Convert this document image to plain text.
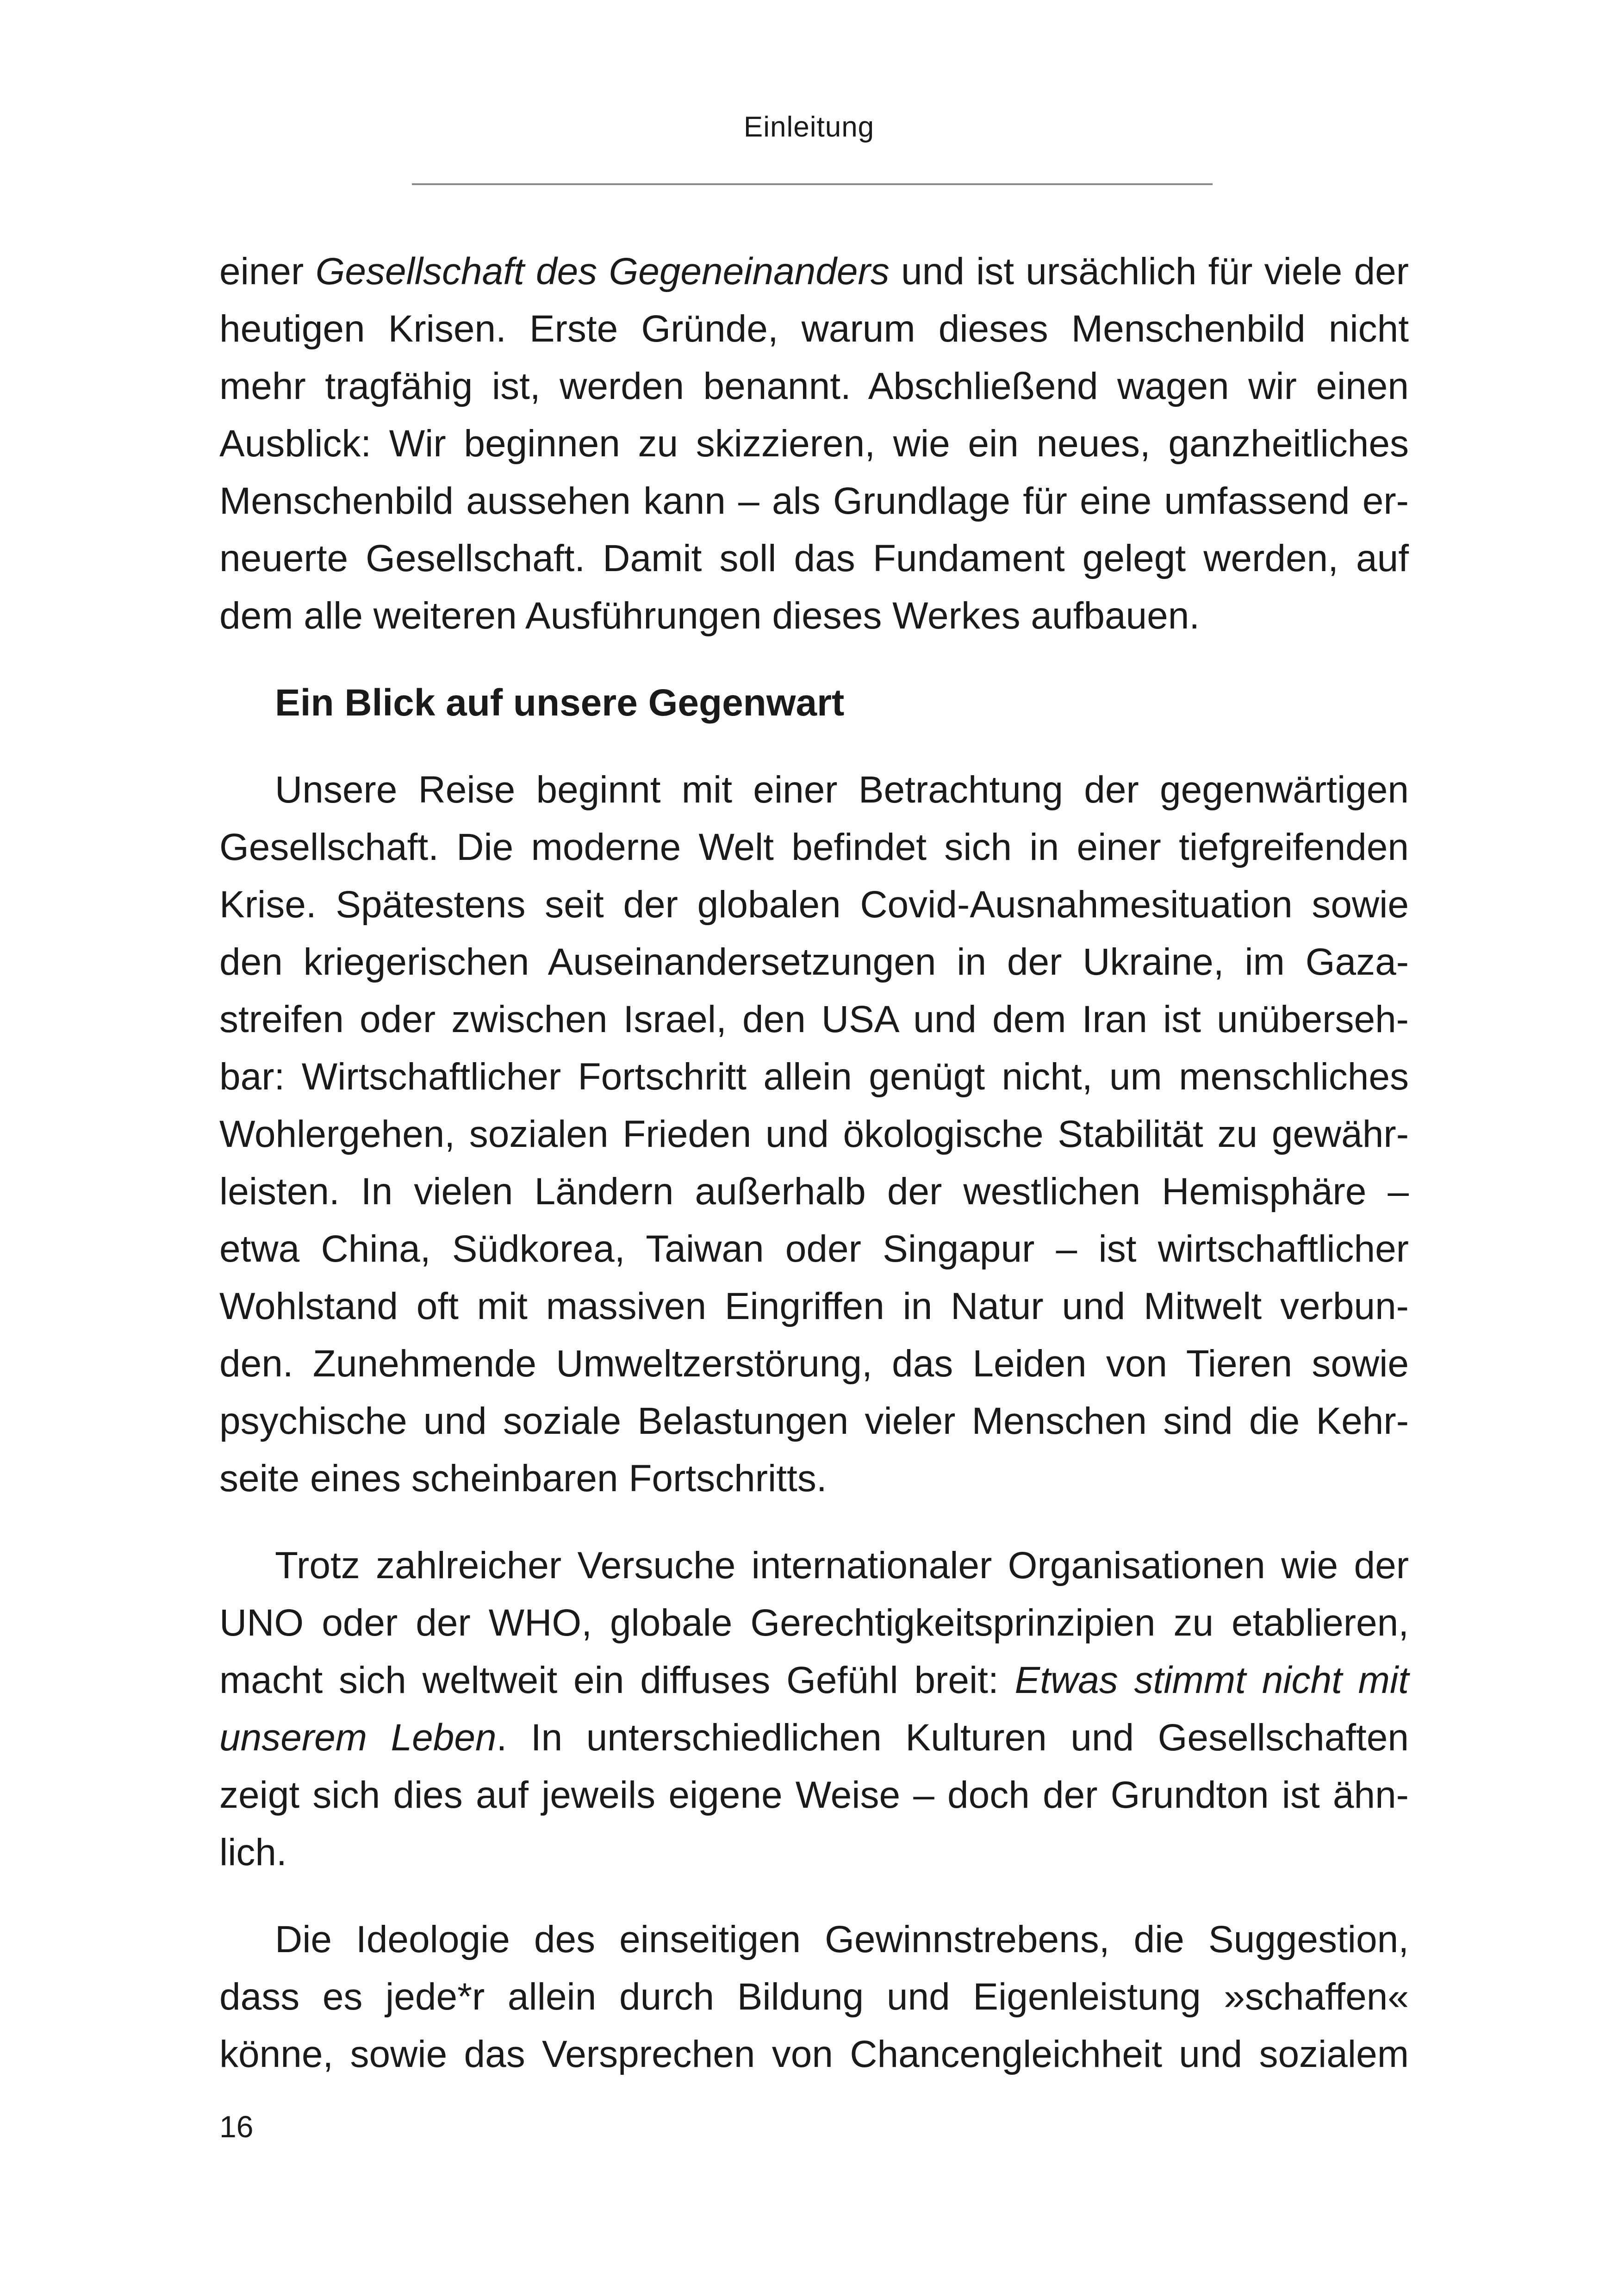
Einleitung
einer Gesellschaft des Gegeneinanders und ist ursächlich für viele der
heutigen Krisen. Erste Gründe, warum dieses Menschenbild nicht
mehr tragfähig ist, werden benannt. Abschließend wagen wir einen
Ausblick: Wir beginnen zu skizzieren, wie ein neues, ganzheitliches
Menschenbild aussehen kann – als Grundlage für eine umfassend er-
neuerte Gesellschaft. Damit soll das Fundament gelegt werden, auf
dem alle weiteren Ausführungen dieses Werkes aufbauen.
Ein Blick auf unsere Gegenwart
Unsere Reise beginnt mit einer Betrachtung der gegenwärtigen
Gesellschaft. Die moderne Welt befindet sich in einer tiefgreifenden
Krise. Spätestens seit der globalen Covid-Ausnahmesituation sowie
den kriegerischen Auseinandersetzungen in der Ukraine, im Gaza-
streifen oder zwischen Israel, den USA und dem Iran ist unüberseh-
bar: Wirtschaftlicher Fortschritt allein genügt nicht, um menschliches
Wohlergehen, sozialen Frieden und ökologische Stabilität zu gewähr-
leisten. In vielen Ländern außerhalb der westlichen Hemisphäre –
etwa China, Südkorea, Taiwan oder Singapur – ist wirtschaftlicher
Wohlstand oft mit massiven Eingriffen in Natur und Mitwelt verbun-
den. Zunehmende Umweltzerstörung, das Leiden von Tieren sowie
psychische und soziale Belastungen vieler Menschen sind die Kehr-
seite eines scheinbaren Fortschritts.
Trotz zahlreicher Versuche internationaler Organisationen wie der
UNO oder der WHO, globale Gerechtigkeitsprinzipien zu etablieren,
macht sich weltweit ein diffuses Gefühl breit: Etwas stimmt nicht mit
unserem Leben. In unterschiedlichen Kulturen und Gesellschaften
zeigt sich dies auf jeweils eigene Weise – doch der Grundton ist ähn-
lich.
Die Ideologie des einseitigen Gewinnstrebens, die Suggestion,
dass es jede*r allein durch Bildung und Eigenleistung »schaffen«
könne, sowie das Versprechen von Chancengleichheit und sozialem
16
